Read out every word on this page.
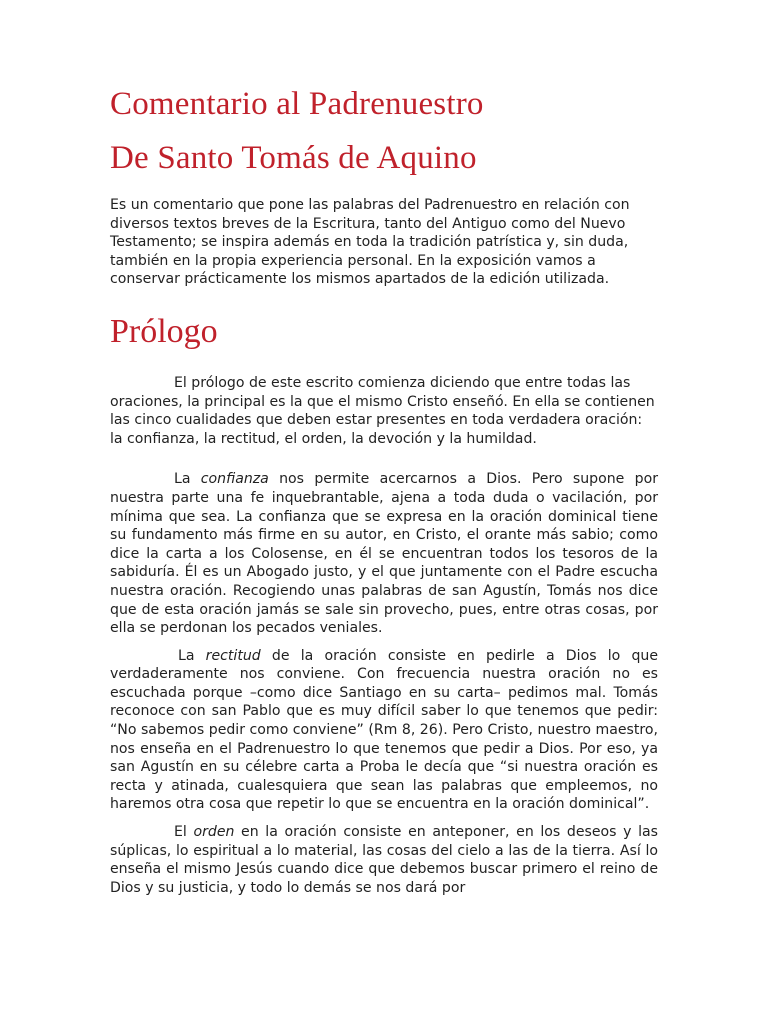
Comentario al Padrenuestro
De Santo Tomás de Aquino

Es un comentario que pone las palabras del Padrenuestro en relación con diversos textos breves de la Escritura, tanto del Antiguo como del Nuevo Testamento; se inspira además en toda la tradición patrística y, sin duda, también en la propia experiencia personal. En la exposición vamos a conservar prácticamente los mismos apartados de la edición utilizada.

Prólogo

El prólogo de este escrito comienza diciendo que entre todas las oraciones, la principal es la que el mismo Cristo enseñó. En ella se contienen las cinco cualidades que deben estar presentes en toda verdadera oración: la confianza, la rectitud, el orden, la devoción y la humildad.

La confianza nos permite acercarnos a Dios. Pero supone por nuestra parte una fe inquebrantable, ajena a toda duda o vacilación, por mínima que sea. La confianza que se expresa en la oración dominical tiene su fundamento más firme en su autor, en Cristo, el orante más sabio; como dice la carta a los Colosense, en él se encuentran todos los tesoros de la sabiduría. Él es un Abogado justo, y el que juntamente con el Padre escucha nuestra oración. Recogiendo unas palabras de san Agustín, Tomás nos dice que de esta oración jamás se sale sin provecho, pues, entre otras cosas, por ella se perdonan los pecados veniales.

La rectitud de la oración consiste en pedirle a Dios lo que verdaderamente nos conviene. Con frecuencia nuestra oración no es escuchada porque –como dice Santiago en su carta– pedimos mal. Tomás reconoce con san Pablo que es muy difícil saber lo que tenemos que pedir: “No sabemos pedir como conviene” (Rm 8, 26). Pero Cristo, nuestro maestro, nos enseña en el Padrenuestro lo que tenemos que pedir a Dios. Por eso, ya san Agustín en su célebre carta a Proba le decía que “si nuestra oración es recta y atinada, cualesquiera que sean las palabras que empleemos, no haremos otra cosa que repetir lo que se encuentra en la oración dominical”.

El orden en la oración consiste en anteponer, en los deseos y las súplicas, lo espiritual a lo material, las cosas del cielo a las de la tierra. Así lo enseña el mismo Jesús cuando dice que debemos buscar primero el reino de Dios y su justicia, y todo lo demás se nos dará por
